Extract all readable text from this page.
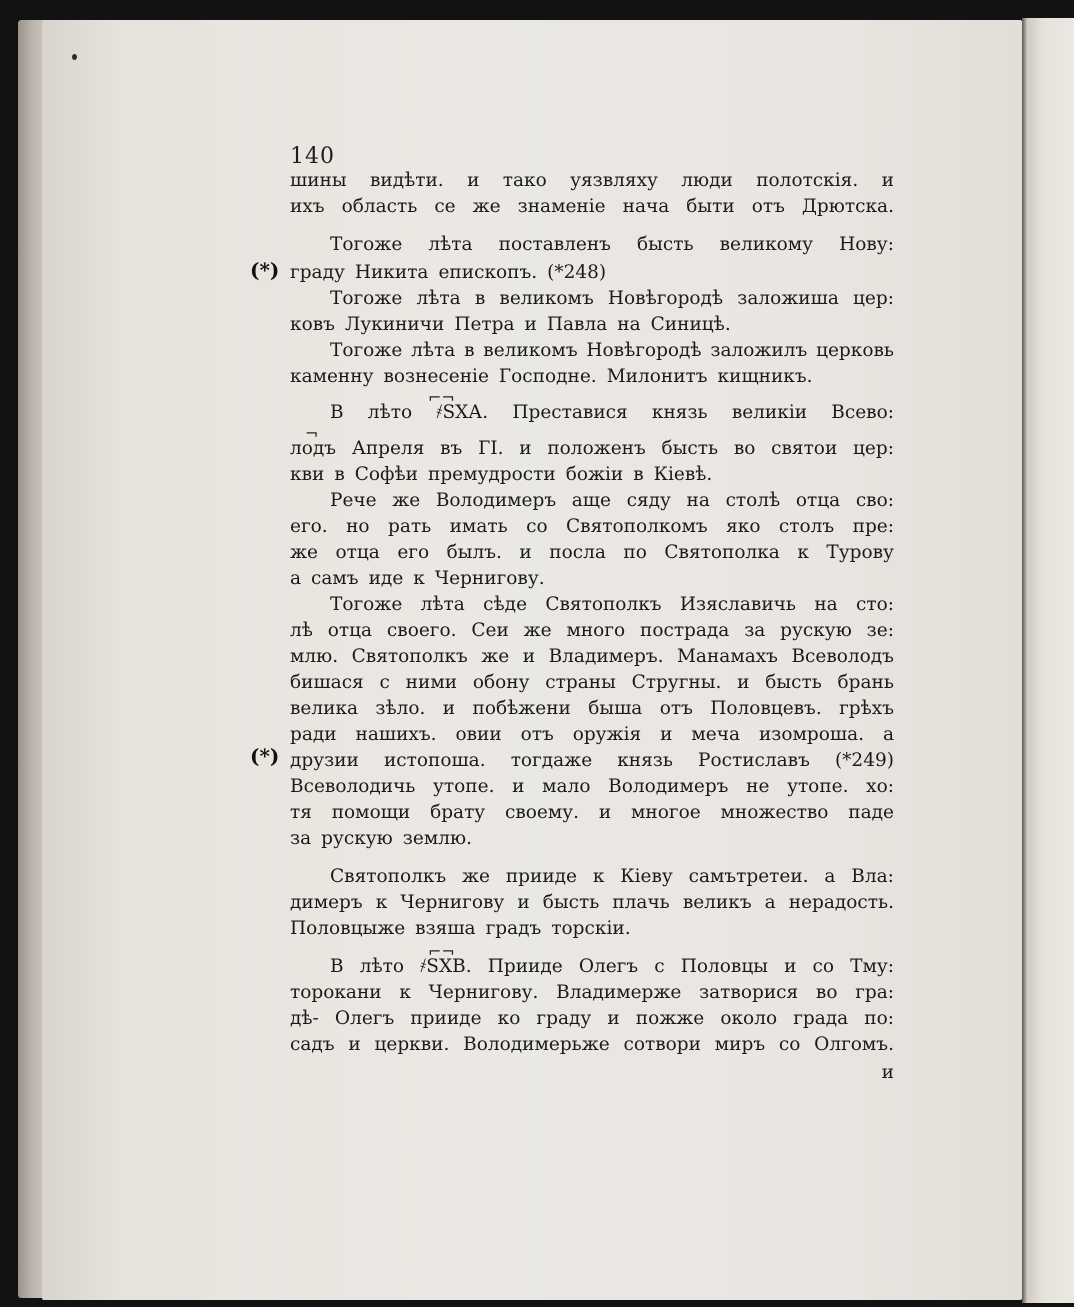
140
(*)
(*)
шины видѣти. и тако уязвляху люди полотскія. и
ихъ область се же знаменіе нача быти отъ Дрютска.
Тогоже лѣта поставленъ бысть великому Нову:
граду Никита епископъ. (*248)
Тогоже лѣта в великомъ Новѣгородѣ заложиша цер:
ковъ Лукиничи Петра и Павла на Синицѣ.
Тогоже лѣта в великомъ Новѣгородѣ заложилъ церковь
каменну вознесеніе Господне. Милонитъ кищникъ.
В лѣто ҂ЅХА. Преставися князь великіи Всево:
лодъ Апреля въ ГІ. и положенъ бысть во святои цер:
кви в Софѣи премудрости божіи в Кіевѣ.
Рече же Володимеръ аще сяду на столѣ отца сво:
его. но рать имать со Святополкомъ яко столъ пре:
же отца его былъ. и посла по Святополка к Турову
а самъ иде к Чернигову.
Тогоже лѣта сѣде Святополкъ Изяславичь на сто:
лѣ отца своего. Сеи же много пострада за рускую зе:
млю. Святополкъ же и Владимеръ. Манамахъ Всеволодъ
бишася с ними обону страны Стругны. и бысть брань
велика зѣло. и побѣжени быша отъ Половцевъ. грѣхъ
ради нашихъ. овии отъ оружія и меча изомроша. а
друзии истопоша. тогдаже князь Ростиславъ (*249)
Всеволодичь утопе. и мало Володимеръ не утопе. хо:
тя помощи брату своему. и многое множество паде
за рускую землю.
Святополкъ же прииде к Кіеву самътретеи. а Вла:
димеръ к Чернигову и бысть плачь великъ а нерадость.
Половцыже взяша градъ торскіи.
В лѣто ҂ЅХВ. Прииде Олегъ с Половцы и со Тму:
торокани к Чернигову. Владимерже затворися во гра:
дѣ- Олегъ прииде ко граду и пожже около града по:
садъ и церкви. Володимерьже сотвори миръ со Олгомъ.
и
⌐¬
¬
⌐¬
